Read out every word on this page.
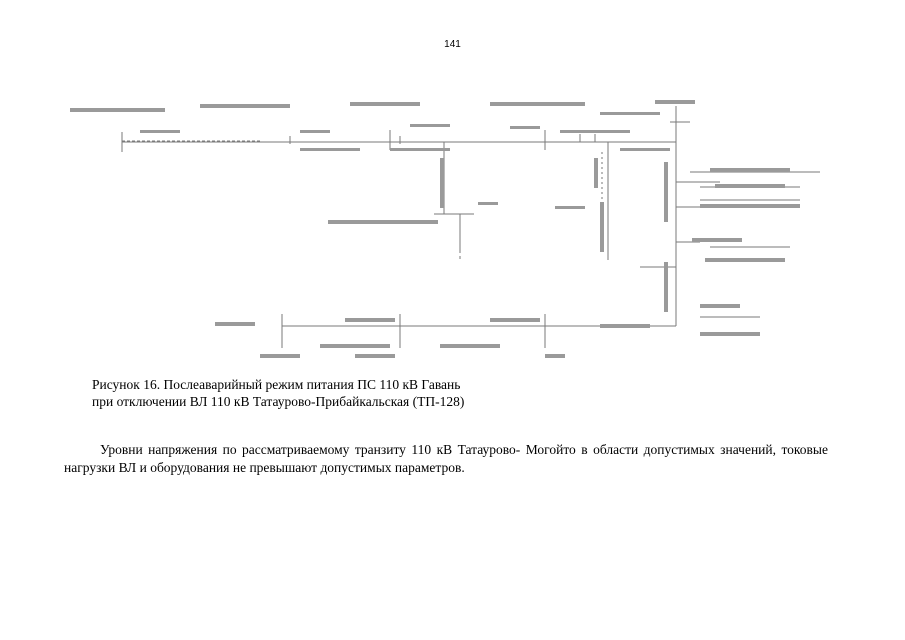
141
Рисунок 16. Послеаварийный режим питания ПС 110 кВ Гавань
при отключении ВЛ 110 кВ Татаурово-Прибайкальская (ТП-128)
Уровни напряжения по рассматриваемому транзиту 110 кВ Татаурово- Могойто в области допустимых значений, токовые нагрузки ВЛ и оборудования не превышают допустимых параметров.
